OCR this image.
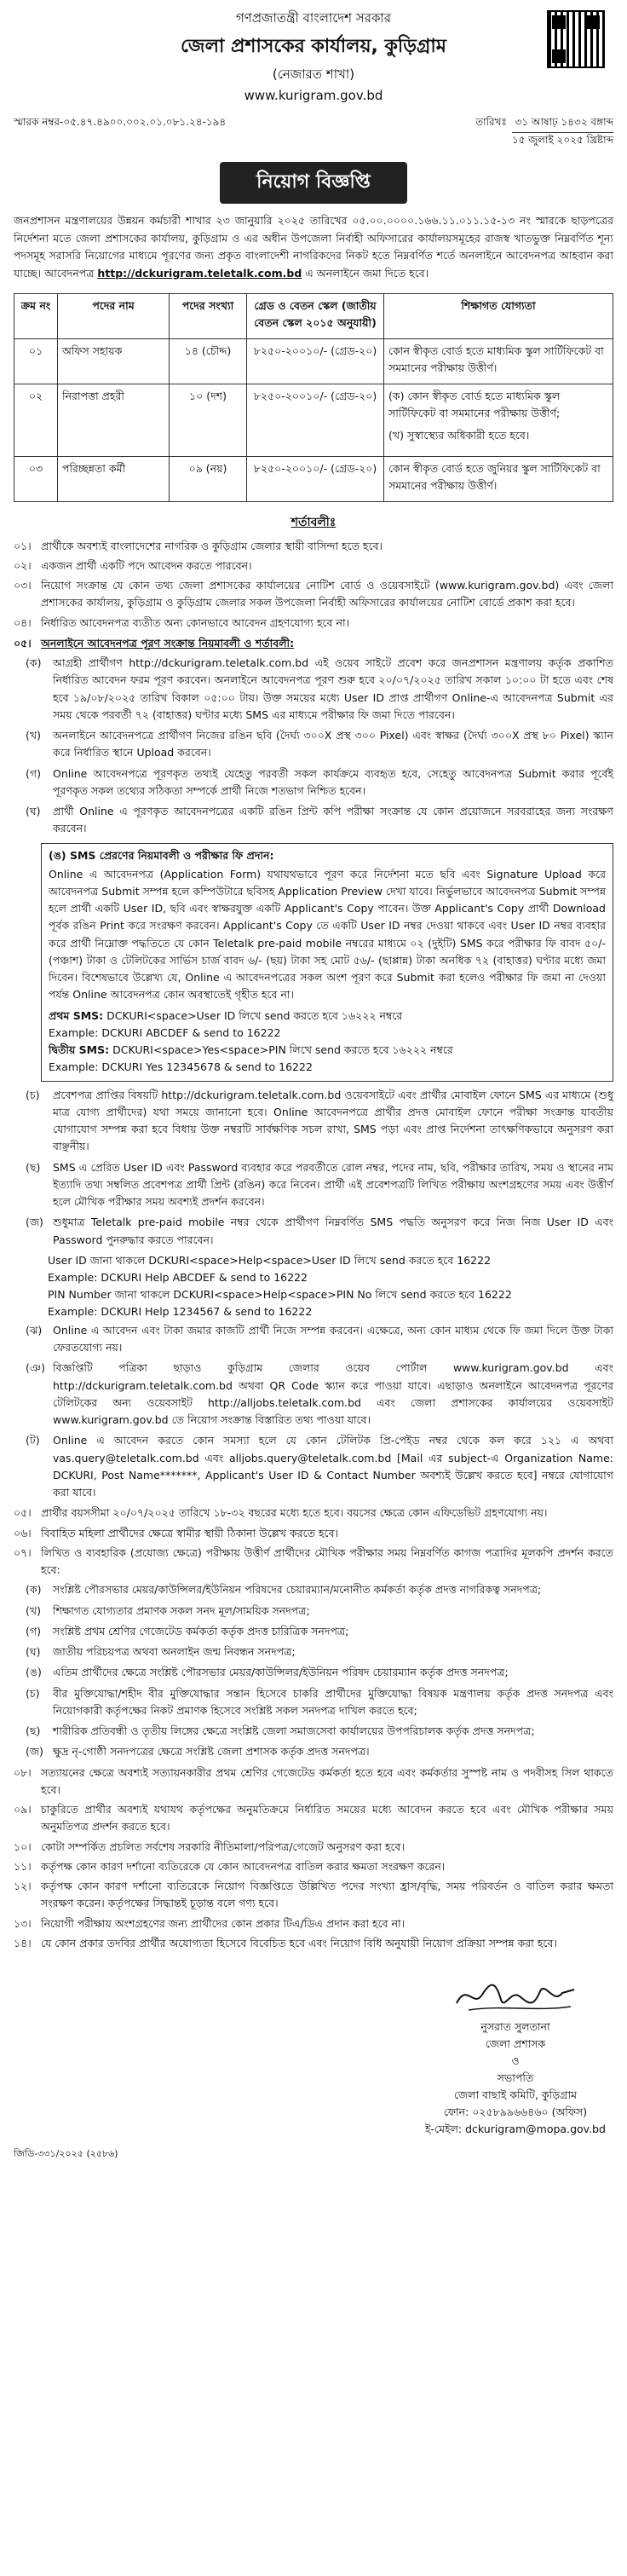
গণপ্রজাতন্ত্রী বাংলাদেশ সরকার
জেলা প্রশাসকের কার্যালয়, কুড়িগ্রাম
(নেজারত শাখা)
www.kurigram.gov.bd
স্মারক নম্বর-০৫.৪৭.৪৯০০.০০২.০১.০৮১.২৪-১৯৪	তারিখঃ ৩১ আষাঢ় ১৪৩২ বঙ্গাব্দ
১৫ জুলাই ২০২৫ খ্রিষ্টাব্দ
নিয়োগ বিজ্ঞপ্তি
জনপ্রশাসন মন্ত্রণালয়ের উন্নয়ন কর্মচারী শাখার ২৩ জানুয়ারি ২০২৫ তারিখের ০৫.০০.০০০০.১৬৬.১১.০১১.১৫-১৩ নং স্মারকে ছাড়পত্রের নির্দেশনা মতে জেলা প্রশাসকের কার্যালয়, কুড়িগ্রাম ও এর অধীন উপজেলা নির্বাহী অফিসারের কার্যালয়সমূহের রাজস্ব খাতভুক্ত নিম্নবর্ণিত শূন্য পদসমূহ সরাসরি নিয়োগের মাধ্যমে পূরণের জন্য প্রকৃত বাংলাদেশী নাগরিকদের নিকট হতে নিম্নবর্ণিত শর্তে অনলাইনে আবেদনপত্র আহবান করা যাচ্ছে। আবেদনপত্র http://dckurigram.teletalk.com.bd এ অনলাইনে জমা দিতে হবে।
ক্রম নং	পদের নাম	পদের সংখ্যা	গ্রেড ও বেতন স্কেল (জাতীয় বেতন স্কেল ২০১৫ অনুযায়ী)	শিক্ষাগত যোগ্যতা
০১	অফিস সহায়ক	১৪ (চৌদ্দ)	৮২৫০-২০০১০/- (গ্রেড-২০)	কোন স্বীকৃত বোর্ড হতে মাধ্যমিক স্কুল সার্টিফিকেট বা সমমানের পরীক্ষায় উত্তীর্ণ।

০২	নিরাপত্তা প্রহরী	১০ (দশ)	৮২৫০-২০০১০/- (গ্রেড-২০)	(ক) কোন স্বীকৃত বোর্ড হতে মাধ্যমিক স্কুল সার্টিফিকেট বা সমমানের পরীক্ষায় উত্তীর্ণ;
(খ) সুস্বাস্থ্যের অধিকারী হতে হবে।

০৩	পরিচ্ছন্নতা কর্মী	০৯ (নয়)	৮২৫০-২০০১০/- (গ্রেড-২০)	কোন স্বীকৃত বোর্ড হতে জুনিয়র স্কুল সার্টিফিকেট বা সমমানের পরীক্ষায় উত্তীর্ণ।
শর্তাবলীঃ
০১। প্রার্থীকে অবশ্যই বাংলাদেশের নাগরিক ও কুড়িগ্রাম জেলার স্থায়ী বাসিন্দা হতে হবে।
০২। একজন প্রার্থী একটি পদে আবেদন করতে পারবেন।
০৩। নিয়োগ সংক্রান্ত যে কোন তথ্য জেলা প্রশাসকের কার্যালয়ের নোটিশ বোর্ড ও ওয়েবসাইটে (www.kurigram.gov.bd) এবং জেলা প্রশাসকের কার্যালয়, কুড়িগ্রাম ও কুড়িগ্রাম জেলার সকল উপজেলা নির্বাহী অফিসারের কার্যালয়ের নোটিশ বোর্ডে প্রকাশ করা হবে।
০৪। নির্ধারিত আবেদনপত্র ব্যতীত অন্য কোনভাবে আবেদন গ্রহণযোগ্য হবে না।
০৫। অনলাইনে আবেদনপত্র পূরণ সংক্রান্ত নিয়মাবলী ও শর্তাবলী:
(ক)	আগ্রহী প্রার্থীগণ http://dckurigram.teletalk.com.bd এই ওয়েব সাইটে প্রবেশ করে জনপ্রশাসন মন্ত্রণালয় কর্তৃক প্রকাশিত নির্ধারিত আবেদন ফরম পূরণ করবেন। অনলাইনে আবেদনপত্র পূরণ শুরু হবে ২০/০৭/২০২৫ তারিখ সকাল ১০:০০ টা হতে এবং শেষ হবে ১৯/০৮/২০২৫ তারিখ বিকাল ০৫:০০ টায়। উক্ত সময়ের মধ্যে User ID প্রাপ্ত প্রার্থীগণ Online-এ আবেদনপত্র Submit এর সময় থেকে পরবর্তী ৭২ (বাহাত্তর) ঘণ্টার মধ্যে SMS এর মাধ্যমে পরীক্ষার ফি জমা দিতে পারবেন।
(খ)	অনলাইনে আবেদনপত্রে প্রার্থীগণ নিজের রঙিন ছবি (দৈর্ঘ্য ৩০০X প্রস্থ ৩০০ Pixel) এবং স্বাক্ষর (দৈর্ঘ্য ৩০০X প্রস্থ ৮০ Pixel) স্ক্যান করে নির্ধারিত স্থানে Upload করবেন।
(গ)	Online আবেদনপত্রে পূরণকৃত তথ্যই যেহেতু পরবর্তী সকল কার্যক্রমে ব্যবহৃত হবে, সেহেতু আবেদনপত্র Submit করার পূর্বেই পূরণকৃত সকল তথ্যের সঠিকতা সম্পর্কে প্রার্থী নিজে শতভাগ নিশ্চিত হবেন।
(ঘ)	প্রার্থী Online এ পূরণকৃত আবেদনপত্রের একটি রঙিন প্রিন্ট কপি পরীক্ষা সংক্রান্ত যে কোন প্রয়োজনে সরবরাহের জন্য সংরক্ষণ করবেন।
(ঙ) SMS প্রেরণের নিয়মাবলী ও পরীক্ষার ফি প্রদান:
Online এ আবেদনপত্র (Application Form) যথাযথভাবে পূরণ করে নির্দেশনা মতে ছবি এবং Signature Upload করে আবেদনপত্র Submit সম্পন্ন হলে কম্পিউটারে ছবিসহ Application Preview দেখা যাবে। নির্ভুলভাবে আবেদনপত্র Submit সম্পন্ন হলে প্রার্থী একটি User ID, ছবি এবং স্বাক্ষরযুক্ত একটি Applicant's Copy পাবেন। উক্ত Applicant's Copy প্রার্থী Download পূর্বক রঙিন Print করে সংরক্ষণ করবেন। Applicant's Copy তে একটি User ID নম্বর দেওয়া থাকবে এবং User ID নম্বর ব্যবহার করে প্রার্থী নিম্নোক্ত পদ্ধতিতে যে কোন Teletalk pre-paid mobile নম্বরের মাধ্যমে ০২ (দুইটি) SMS করে পরীক্ষার ফি বাবদ ৫০/- (পঞ্চাশ) টাকা ও টেলিটকের সার্ভিস চার্জ বাবদ ৬/- (ছয়) টাকা সহ মোট ৫৬/- (ছাপ্পান্ন) টাকা অনধিক ৭২ (বাহাত্তর) ঘণ্টার মধ্যে জমা দিবেন। বিশেষভাবে উল্লেখ্য যে, Online এ আবেদনপত্রের সকল অংশ পূরণ করে Submit করা হলেও পরীক্ষার ফি জমা না দেওয়া পর্যন্ত Online আবেদনপত্র কোন অবস্থাতেই গৃহীত হবে না।
প্রথম SMS: DCKURI<space>User ID লিখে send করতে হবে ১৬২২২ নম্বরে
Example: DCKURI ABCDEF & send to 16222
দ্বিতীয় SMS: DCKURI<space>Yes<space>PIN লিখে send করতে হবে ১৬২২২ নম্বরে
Example: DCKURI Yes 12345678 & send to 16222
(চ)	প্রবেশপত্র প্রাপ্তির বিষয়টি http://dckurigram.teletalk.com.bd ওয়েবসাইটে এবং প্রার্থীর মোবাইল ফোনে SMS এর মাধ্যমে (শুধু মাত্র যোগ্য প্রার্থীদের) যথা সময়ে জানানো হবে। Online আবেদনপত্রে প্রার্থীর প্রদত্ত মোবাইল ফোনে পরীক্ষা সংক্রান্ত যাবতীয় যোগাযোগ সম্পন্ন করা হবে বিধায় উক্ত নম্বরটি সার্বক্ষণিক সচল রাখা, SMS পড়া এবং প্রাপ্ত নির্দেশনা তাৎক্ষণিকভাবে অনুসরণ করা বাঞ্ছনীয়।
(ছ)	SMS এ প্রেরিত User ID এবং Password ব্যবহার করে পরবর্তীতে রোল নম্বর, পদের নাম, ছবি, পরীক্ষার তারিখ, সময় ও স্থানের নাম ইত্যাদি তথ্য সম্বলিত প্রবেশপত্র প্রার্থী প্রিন্ট (রঙিন) করে নিবেন। প্রার্থী এই প্রবেশপত্রটি লিখিত পরীক্ষায় অংশগ্রহণের সময় এবং উত্তীর্ণ হলে মৌখিক পরীক্ষার সময় অবশ্যই প্রদর্শন করবেন।
(জ) শুধুমাত্র Teletalk pre-paid mobile নম্বর থেকে প্রার্থীগণ নিম্নবর্ণিত SMS পদ্ধতি অনুসরণ করে নিজ নিজ User ID এবং Password পুনরুদ্ধার করতে পারবেন।
User ID জানা থাকলে DCKURI<space>Help<space>User ID লিখে send করতে হবে 16222
Example: DCKURI Help ABCDEF & send to 16222
PIN Number জানা থাকলে DCKURI<space>Help<space>PIN No লিখে send করতে হবে 16222
Example: DCKURI Help 1234567 & send to 16222
(ঝ)	Online এ আবেদন এবং টাকা জমার কাজটি প্রার্থী নিজে সম্পন্ন করবেন। এক্ষেত্রে, অন্য কোন মাধ্যম থেকে ফি জমা দিলে উক্ত টাকা ফেরতযোগ্য নয়।
(ঞ) বিজ্ঞপ্তিটি পত্রিকা ছাড়াও কুড়িগ্রাম জেলার ওয়েব পোর্টাল www.kurigram.gov.bd এবং http://dckurigram.teletalk.com.bd অথবা QR Code স্ক্যান করে পাওয়া যাবে। এছাড়াও অনলাইনে আবেদনপত্র পূরণের টেলিটকের অন্য ওয়েবসাইট http://alljobs.teletalk.com.bd এবং জেলা প্রশাসকের কার্যালয়ের ওয়েবসাইট www.kurigram.gov.bd তে নিয়োগ সংক্রান্ত বিস্তারিত তথ্য পাওয়া যাবে।
(ট)	Online এ আবেদন করতে কোন সমস্যা হলে যে কোন টেলিটক প্রি-পেইড নম্বর থেকে কল করে ১২১ এ অথবা vas.query@teletalk.com.bd এবং alljobs.query@teletalk.com.bd [Mail এর subject-এ Organization Name: DCKURI, Post Name*******, Applicant's User ID & Contact Number অবশ্যই উল্লেখ করতে হবে] নম্বরে যোগাযোগ করা যাবে।
০৫। প্রার্থীর বয়সসীমা ২০/০৭/২০২৫ তারিখে ১৮-৩২ বছরের মধ্যে হতে হবে। বয়সের ক্ষেত্রে কোন এফিডেভিট গ্রহণযোগ্য নয়।
০৬। বিবাহিত মহিলা প্রার্থীদের ক্ষেত্রে স্বামীর স্থায়ী ঠিকানা উল্লেখ করতে হবে।
০৭। লিখিত ও ব্যবহারিক (প্রযোজ্য ক্ষেত্রে) পরীক্ষায় উত্তীর্ণ প্রার্থীদের মৌখিক পরীক্ষার সময় নিম্নবর্ণিত কাগজ পত্রাদির মূলকপি প্রদর্শন করতে হবে:
(ক)	সংশ্লিষ্ট পৌরসভার মেয়র/কাউন্সিলর/ইউনিয়ন পরিষদের চেয়ারম্যান/মনোনীত কর্মকর্তা কর্তৃক প্রদত্ত নাগরিকত্ব সনদপত্র;
(খ)	শিক্ষাগত যোগ্যতার প্রমাণক সকল সনদ মূল/সাময়িক সনদপত্র;
(গ)	সংশ্লিষ্ট প্রথম শ্রেণির গেজেটেড কর্মকর্তা কর্তৃক প্রদত্ত চারিত্রিক সনদপত্র;
(ঘ)	জাতীয় পরিচয়পত্র অথবা অনলাইন জন্ম নিবন্ধন সনদপত্র;
(ঙ)	এতিম প্রার্থীদের ক্ষেত্রে সংশ্লিষ্ট পৌরসভার মেয়র/কাউন্সিলর/ইউনিয়ন পরিষদ চেয়ারম্যান কর্তৃক প্রদত্ত সনদপত্র;
(চ)	বীর মুক্তিযোদ্ধা/শহীদ বীর মুক্তিযোদ্ধার সন্তান হিসেবে চাকরি প্রার্থীদের মুক্তিযোদ্ধা বিষয়ক মন্ত্রণালয় কর্তৃক প্রদত্ত সনদপত্র এবং নিয়োগকারী কর্তৃপক্ষের নিকট প্রমাণক হিসেবে সংশ্লিষ্ট সকল সনদপত্র দাখিল করতে হবে;
(ছ)	শারীরিক প্রতিবন্ধী ও তৃতীয় লিঙ্গের ক্ষেত্রে সংশ্লিষ্ট জেলা সমাজসেবা কার্যালয়ের উপপরিচালক কর্তৃক প্রদত্ত সনদপত্র;
(জ) ক্ষুদ্র নৃ-গোষ্ঠী সনদপত্রের ক্ষেত্রে সংশ্লিষ্ট জেলা প্রশাসক কর্তৃক প্রদত্ত সনদপত্র।
০৮। সত্যায়নের ক্ষেত্রে অবশ্যই সত্যায়নকারীর প্রথম শ্রেণির গেজেটেড কর্মকর্তা হতে হবে এবং কর্মকর্তার সুস্পষ্ট নাম ও পদবীসহ সিল থাকতে হবে।
০৯। চাকুরিতে প্রার্থীর অবশ্যই যথাযথ কর্তৃপক্ষের অনুমতিক্রমে নির্ধারিত সময়ের মধ্যে আবেদন করতে হবে এবং মৌখিক পরীক্ষার সময় অনুমতিপত্র প্রদর্শন করতে হবে।
১০। কোটা সম্পর্কিত প্রচলিত সর্বশেষ সরকারি নীতিমালা/পরিপত্র/গেজেট অনুসরণ করা হবে।
১১। কর্তৃপক্ষ কোন কারণ দর্শানো ব্যতিরেকে যে কোন আবেদনপত্র বাতিল করার ক্ষমতা সংরক্ষণ করেন।
১২। কর্তৃপক্ষ কোন কারণ দর্শানো ব্যতিরেকে নিয়োগ বিজ্ঞপ্তিতে উল্লিখিত পদের সংখ্যা হ্রাস/বৃদ্ধি, সময় পরিবর্তন ও বাতিল করার ক্ষমতা সংরক্ষণ করেন। কর্তৃপক্ষের সিদ্ধান্তই চূড়ান্ত বলে গণ্য হবে।
১৩। নিয়োগী পরীক্ষায় অংশগ্রহণের জন্য প্রার্থীদের কোন প্রকার টিএ/ডিএ প্রদান করা হবে না।
১৪। যে কোন প্রকার তদবির প্রার্থীর অযোগ্যতা হিসেবে বিবেচিত হবে এবং নিয়োগ বিধি অনুযায়ী নিয়োগ প্রক্রিয়া সম্পন্ন করা হবে।
নুসরাত সুলতানা
জেলা প্রশাসক
ও
সভাপতি
জেলা বাছাই কমিটি, কুড়িগ্রাম
ফোন: ০২৫৮৯৯৬৬৪৬০ (অফিস)
ই-মেইল: dckurigram@mopa.gov.bd
জিডি-৩৩১/২০২৫ (২৫৮৬)
